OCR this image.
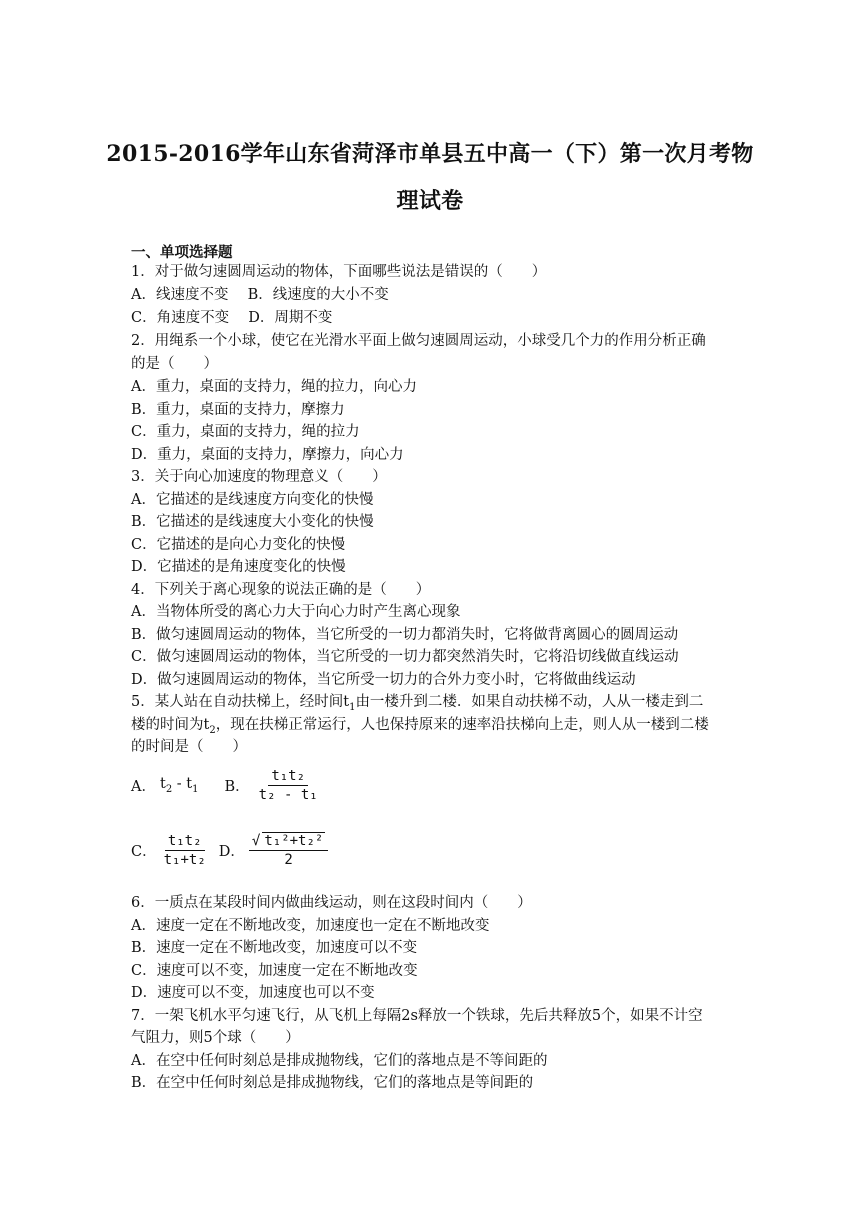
2015-2016学年山东省菏泽市单县五中高一（下）第一次月考物
理试卷
一、单项选择题
1．对于做匀速圆周运动的物体，下面哪些说法是错误的（　　）
A．线速度不变　 B．线速度的大小不变
C．角速度不变　 D．周期不变
2．用绳系一个小球，使它在光滑水平面上做匀速圆周运动，小球受几个力的作用分析正确
的是（　　）
A．重力，桌面的支持力，绳的拉力，向心力
B．重力，桌面的支持力，摩擦力
C．重力，桌面的支持力，绳的拉力
D．重力，桌面的支持力，摩擦力，向心力
3．关于向心加速度的物理意义（　　）
A．它描述的是线速度方向变化的快慢
B．它描述的是线速度大小变化的快慢
C．它描述的是向心力变化的快慢
D．它描述的是角速度变化的快慢
4．下列关于离心现象的说法正确的是（　　）
A．当物体所受的离心力大于向心力时产生离心现象
B．做匀速圆周运动的物体，当它所受的一切力都消失时，它将做背离圆心的圆周运动
C．做匀速圆周运动的物体，当它所受的一切力都突然消失时，它将沿切线做直线运动
D．做匀速圆周运动的物体，当它所受一切力的合外力变小时，它将做曲线运动
5．某人站在自动扶梯上，经时间$t_1$由一楼升到二楼．如果自动扶梯不动，人从一楼走到二
楼的时间为$t_2$，现在扶梯正常运行，人也保持原来的速率沿扶梯向上走，则人从一楼到二楼
的时间是（　　）
A． $t_2 - t_1$ B． $\frac{\text{t₁t₂}}{\text{t₂ - t₁}}$
C． $\frac{\text{t₁t₂}}{\text{t₁+t₂}}$ D． $\frac{\text{√ t₁²+t₂²}}{2}$
6．一质点在某段时间内做曲线运动，则在这段时间内（　　）
A．速度一定在不断地改变，加速度也一定在不断地改变
B．速度一定在不断地改变，加速度可以不变
C．速度可以不变，加速度一定在不断地改变
D．速度可以不变，加速度也可以不变
7．一架飞机水平匀速飞行，从飞机上每隔2s释放一个铁球，先后共释放5个，如果不计空
气阻力，则5个球（　　）
A．在空中任何时刻总是排成抛物线，它们的落地点是不等间距的
B．在空中任何时刻总是排成抛物线，它们的落地点是等间距的
